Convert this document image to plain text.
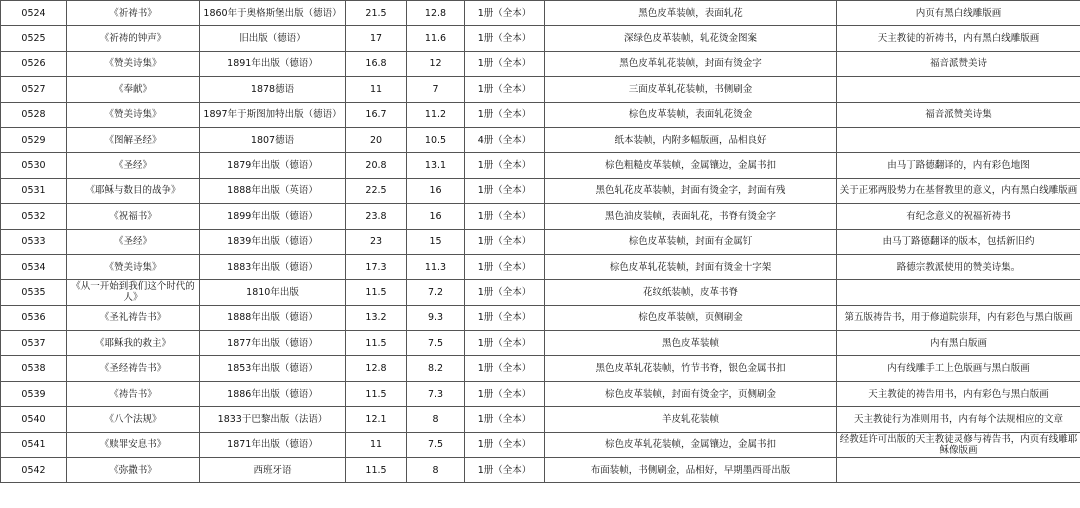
0524	《祈祷书》	1860年于奥格斯堡出版（德语）	21.5	12.8	1册（全本）	黑色皮革装帧，表面轧花	内页有黑白线雕版画
0525	《祈祷的钟声》	旧出版（德语）	17	11.6	1册（全本）	深绿色皮革装帧，轧花烫金图案	天主教徒的祈祷书，内有黑白线雕版画
0526	《赞美诗集》	1891年出版（德语）	16.8	12	1册（全本）	黑色皮革轧花装帧，封面有烫金字	福音派赞美诗
0527	《奉献》	1878德语	11	7	1册（全本）	三面皮革轧花装帧，书侧刷金	
0528	《赞美诗集》	1897年于斯图加特出版（德语）	16.7	11.2	1册（全本）	棕色皮革装帧，表面轧花烫金	福音派赞美诗集
0529	《图解圣经》	1807德语	20	10.5	4册（全本）	纸本装帧，内附多幅版画，品相良好	
0530	《圣经》	1879年出版（德语）	20.8	13.1	1册（全本）	棕色粗糙皮革装帧，金属镶边，金属书扣	由马丁路德翻译的，内有彩色地图
0531	《耶稣与数目的战争》	1888年出版（英语）	22.5	16	1册（全本）	黑色轧花皮革装帧，封面有烫金字，封面有残	关于正邪两股势力在基督教里的意义，内有黑白线雕版画
0532	《祝福书》	1899年出版（德语）	23.8	16	1册（全本）	黑色油皮装帧，表面轧花，书脊有烫金字	有纪念意义的祝福祈祷书
0533	《圣经》	1839年出版（德语）	23	15	1册（全本）	棕色皮革装帧，封面有金属钉	由马丁路德翻译的版本，包括新旧约
0534	《赞美诗集》	1883年出版（德语）	17.3	11.3	1册（全本）	棕色皮革轧花装帧，封面有烫金十字架	路德宗教派使用的赞美诗集。
0535	《从一开始到我们这个时代的人》	1810年出版	11.5	7.2	1册（全本）	花纹纸装帧，皮革书脊	
0536	《圣礼祷告书》	1888年出版（德语）	13.2	9.3	1册（全本）	棕色皮革装帧，页侧刷金	第五版祷告书，用于修道院崇拜，内有彩色与黑白版画
0537	《耶稣我的救主》	1877年出版（德语）	11.5	7.5	1册（全本）	黑色皮革装帧	内有黑白版画
0538	《圣经祷告书》	1853年出版（德语）	12.8	8.2	1册（全本）	黑色皮革轧花装帧，竹节书脊，银色金属书扣	内有线雕手工上色版画与黑白版画
0539	《祷告书》	1886年出版（德语）	11.5	7.3	1册（全本）	棕色皮革装帧，封面有烫金字，页侧刷金	天主教徒的祷告用书，内有彩色与黑白版画
0540	《八个法规》	1833于巴黎出版（法语）	12.1	8	1册（全本）	羊皮轧花装帧	天主教徒行为准则用书，内有每个法规相应的文章
0541	《赎罪安息书》	1871年出版（德语）	11	7.5	1册（全本）	棕色皮革轧花装帧，金属镶边，金属书扣	经教廷许可出版的天主教徒灵修与祷告书，内页有线雕耶稣像版画
0542	《弥撒书》	西班牙语	11.5	8	1册（全本）	布面装帧，书侧刷金，品相好，早期墨西哥出版	
